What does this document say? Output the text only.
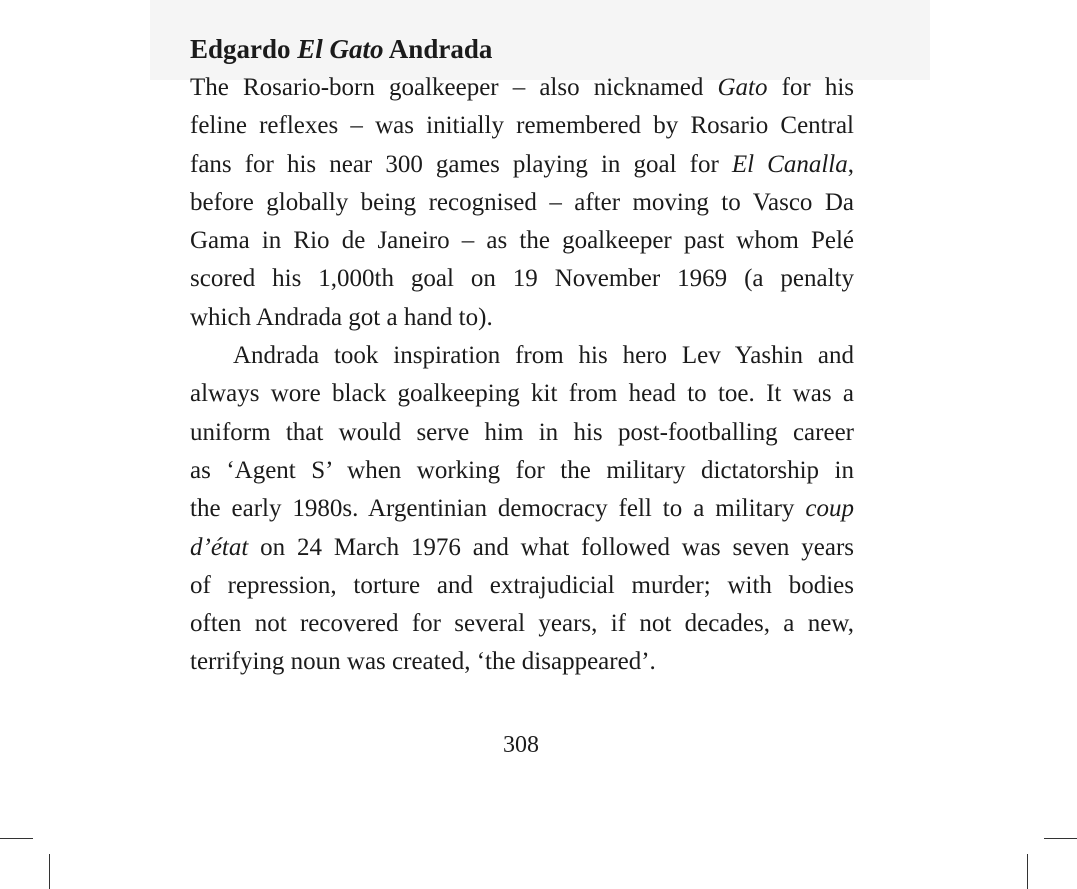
Edgardo El Gato Andrada

The Rosario-born goalkeeper – also nicknamed Gato for his
feline reflexes – was initially remembered by Rosario Central
fans for his near 300 games playing in goal for El Canalla,
before globally being recognised – after moving to Vasco Da
Gama in Rio de Janeiro – as the goalkeeper past whom Pelé
scored his 1,000th goal on 19 November 1969 (a penalty
which Andrada got a hand to).

Andrada took inspiration from his hero Lev Yashin and
always wore black goalkeeping kit from head to toe. It was a
uniform that would serve him in his post-footballing career
as ‘Agent S’ when working for the military dictatorship in
the early 1980s. Argentinian democracy fell to a military coup
d’état on 24 March 1976 and what followed was seven years
of repression, torture and extrajudicial murder; with bodies
often not recovered for several years, if not decades, a new,
terrifying noun was created, ‘the disappeared’.

308
